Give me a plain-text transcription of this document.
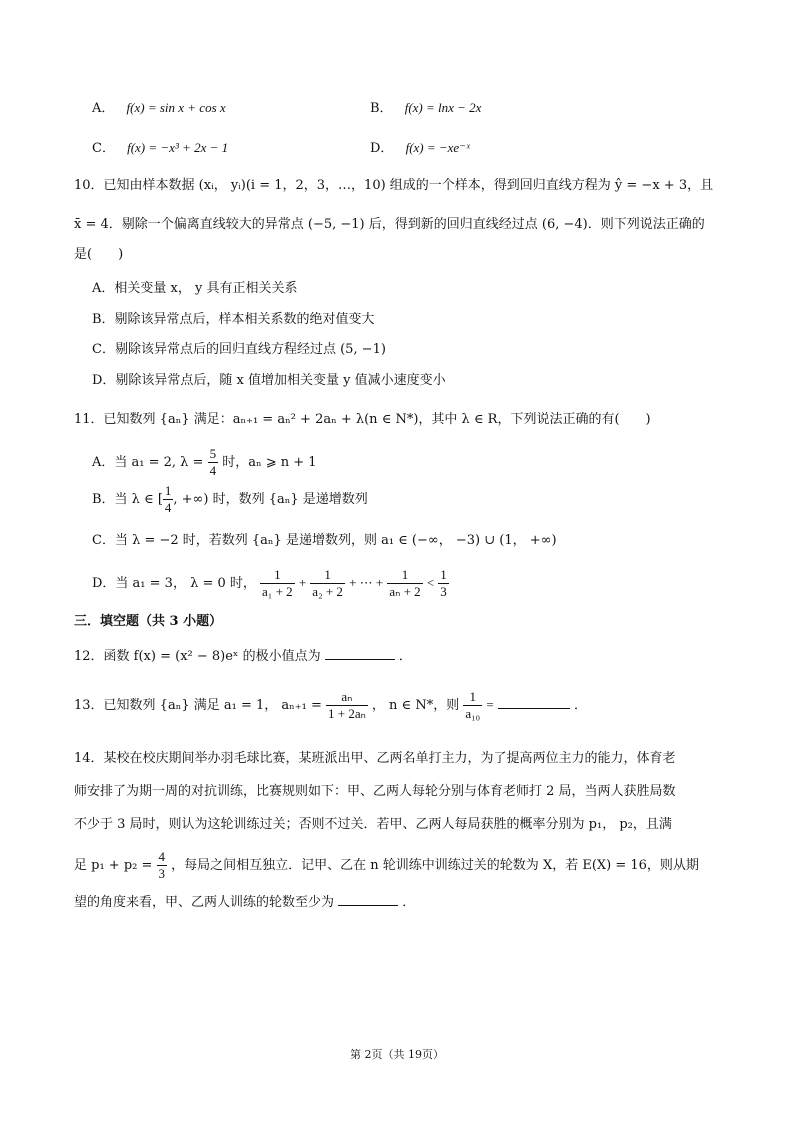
A． f(x) = sin x + cos x	B． f(x) = lnx − 2x
C． f(x) = −x³ + 2x − 1	D． f(x) = −xe⁻ˣ
10．已知由样本数据 (xᵢ， yᵢ)(i = 1，2，3，…，10) 组成的一个样本，得到回归直线方程为 ŷ = −x + 3，且
x̄ = 4．剔除一个偏离直线较大的异常点 (−5, −1) 后，得到新的回归直线经过点 (6, −4)．则下列说法正确的
是(　　)
A．相关变量 x， y 具有正相关关系
B．剔除该异常点后，样本相关系数的绝对值变大
C．剔除该异常点后的回归直线方程经过点 (5, −1)
D．剔除该异常点后，随 x 值增加相关变量 y 值减小速度变小
11．已知数列 {aₙ} 满足：aₙ₊₁ = aₙ² + 2aₙ + λ(n ∈ N*)，其中 λ ∈ R，下列说法正确的有(　　)
A．当 a₁ = 2, $\lambda = \frac{5}{4}$ 时，aₙ ⩾ n + 1
B．当 λ ∈ [ $\frac{1}{4}$ , +∞) 时，数列 {aₙ} 是递增数列
C．当 λ = −2 时，若数列 {aₙ} 是递增数列，则 a₁ ∈ (−∞， −3) ∪ (1， +∞)
D．当 a₁ = 3， λ = 0 时， $\frac{1}{\text{a₁ + 2}} + \frac{1}{\text{a₂ + 2}}$ + ⋯ + $\frac{1}{\text{aₙ + 2}} < \frac{1}{3}$
三．填空题（共 3 小题）
12．函数 f(x) = (x² − 8)eˣ 的极小值点为	．
13．已知数列 {aₙ} 满足 a₁ = 1， $a_{n+1} = \frac{\text{aₙ}}{\text{1 + 2aₙ}}$ ， n ∈ N*，则 $\frac{1}{\text{a₁₀}}$ =	．
14．某校在校庆期间举办羽毛球比赛，某班派出甲、乙两名单打主力，为了提高两位主力的能力，体育老
师安排了为期一周的对抗训练，比赛规则如下：甲、乙两人每轮分别与体育老师打 2 局，当两人获胜局数
不少于 3 局时，则认为这轮训练过关；否则不过关．若甲、乙两人每局获胜的概率分别为 p₁， p₂，且满
足 $p_1 + p_2 = \frac{4}{3}$ ，每局之间相互独立．记甲、乙在 n 轮训练中训练过关的轮数为 X，若 E(X) = 16，则从期
望的角度来看，甲、乙两人训练的轮数至少为	．
第 2页（共 19页）
